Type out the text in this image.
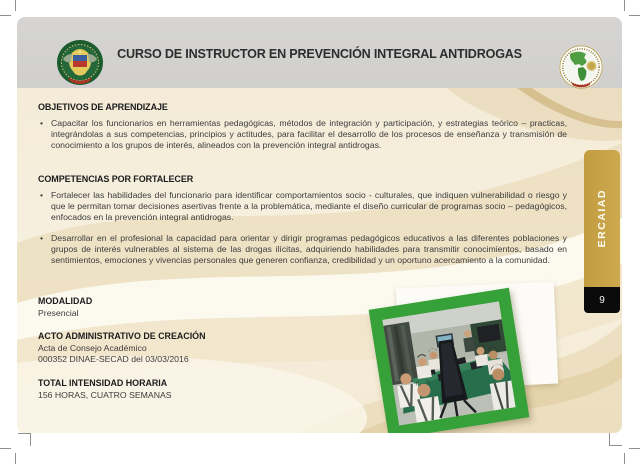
CURSO DE INSTRUCTOR EN PREVENCIÓN INTEGRAL ANTIDROGAS
OBJETIVOS DE APRENDIZAJE
• Capacitar los funcionarios en herramientas pedagógicas, métodos de integración y participación, y estrategias teórico – practicas, integrándolas a sus competencias, principios y actitudes, para facilitar el desarrollo de los procesos de enseñanza y transmisión de conocimiento a los grupos de interés, alineados con la prevención integral antidrogas.
COMPETENCIAS POR FORTALECER
• Fortalecer las habilidades del funcionario para identificar comportamientos socio - culturales, que indiquen vulnerabilidad o riesgo y que le permitan tomar decisiones asertivas frente a la problemática, mediante el diseño curricular de programas socio – pedagógicos, enfocados en la prevención integral antidrogas.
• Desarrollar en el profesional la capacidad para orientar y dirigir programas pedagógicos educativos a las diferentes poblaciones y grupos de interés vulnerables al sistema de las drogas ilícitas, adquiriendo habilidades para transmitir conocimientos, basado en sentimientos, emociones y vivencias personales que generen confianza, credibilidad y un oportuno acercamiento a la comunidad.
MODALIDAD
Presencial
ACTO ADMINISTRATIVO DE CREACIÓN
Acta de Consejo Académico
000352 DINAE-SECAD del 03/03/2016
TOTAL INTENSIDAD HORARIA
156 HORAS, CUATRO SEMANAS
ERCAIAD
9
